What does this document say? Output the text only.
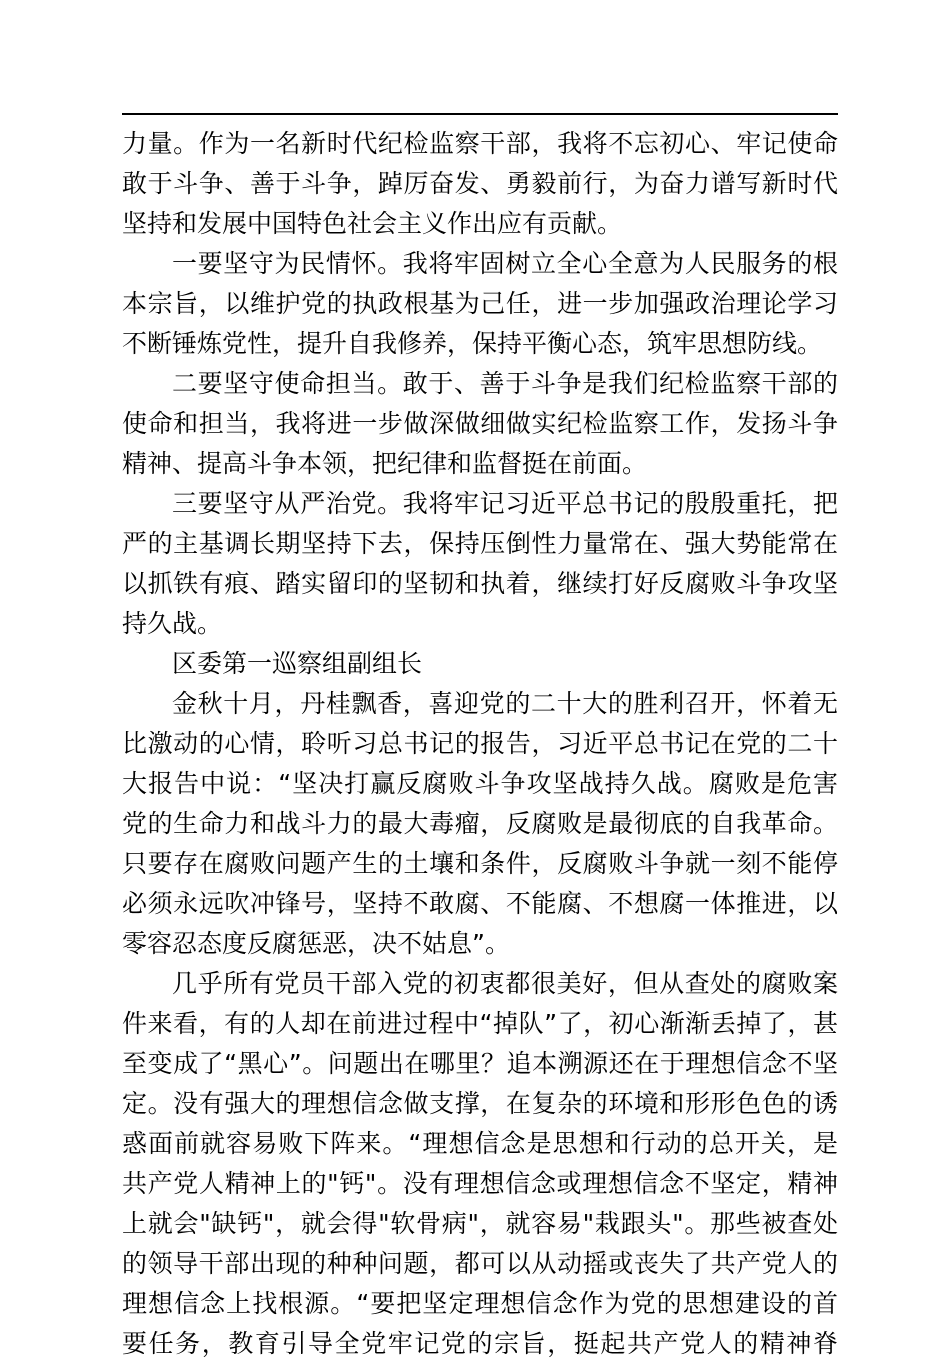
力量。作为一名新时代纪检监察干部，我将不忘初心、牢记使命
敢于斗争、善于斗争，踔厉奋发、勇毅前行，为奋力谱写新时代
坚持和发展中国特色社会主义作出应有贡献。
一要坚守为民情怀。我将牢固树立全心全意为人民服务的根
本宗旨，以维护党的执政根基为己任，进一步加强政治理论学习
不断锤炼党性，提升自我修养，保持平衡心态，筑牢思想防线。
二要坚守使命担当。敢于、善于斗争是我们纪检监察干部的
使命和担当，我将进一步做深做细做实纪检监察工作，发扬斗争
精神、提高斗争本领，把纪律和监督挺在前面。
三要坚守从严治党。我将牢记习近平总书记的殷殷重托，把
严的主基调长期坚持下去，保持压倒性力量常在、强大势能常在
以抓铁有痕、踏实留印的坚韧和执着，继续打好反腐败斗争攻坚
持久战。
区委第一巡察组副组长
金秋十月，丹桂飘香，喜迎党的二十大的胜利召开，怀着无
比激动的心情，聆听习总书记的报告，习近平总书记在党的二十
大报告中说：“坚决打赢反腐败斗争攻坚战持久战。腐败是危害
党的生命力和战斗力的最大毒瘤，反腐败是最彻底的自我革命。
只要存在腐败问题产生的土壤和条件，反腐败斗争就一刻不能停
必须永远吹冲锋号，坚持不敢腐、不能腐、不想腐一体推进，以
零容忍态度反腐惩恶，决不姑息”。
几乎所有党员干部入党的初衷都很美好，但从查处的腐败案
件来看，有的人却在前进过程中“掉队”了，初心渐渐丢掉了，甚
至变成了“黑心”。问题出在哪里？追本溯源还在于理想信念不坚
定。没有强大的理想信念做支撑，在复杂的环境和形形色色的诱
惑面前就容易败下阵来。“理想信念是思想和行动的总开关，是
共产党人精神上的"钙"。没有理想信念或理想信念不坚定，精神
上就会"缺钙"，就会得"软骨病"，就容易"栽跟头"。那些被查处
的领导干部出现的种种问题，都可以从动摇或丧失了共产党人的
理想信念上找根源。“要把坚定理想信念作为党的思想建设的首
要任务，教育引导全党牢记党的宗旨，挺起共产党人的精神脊
